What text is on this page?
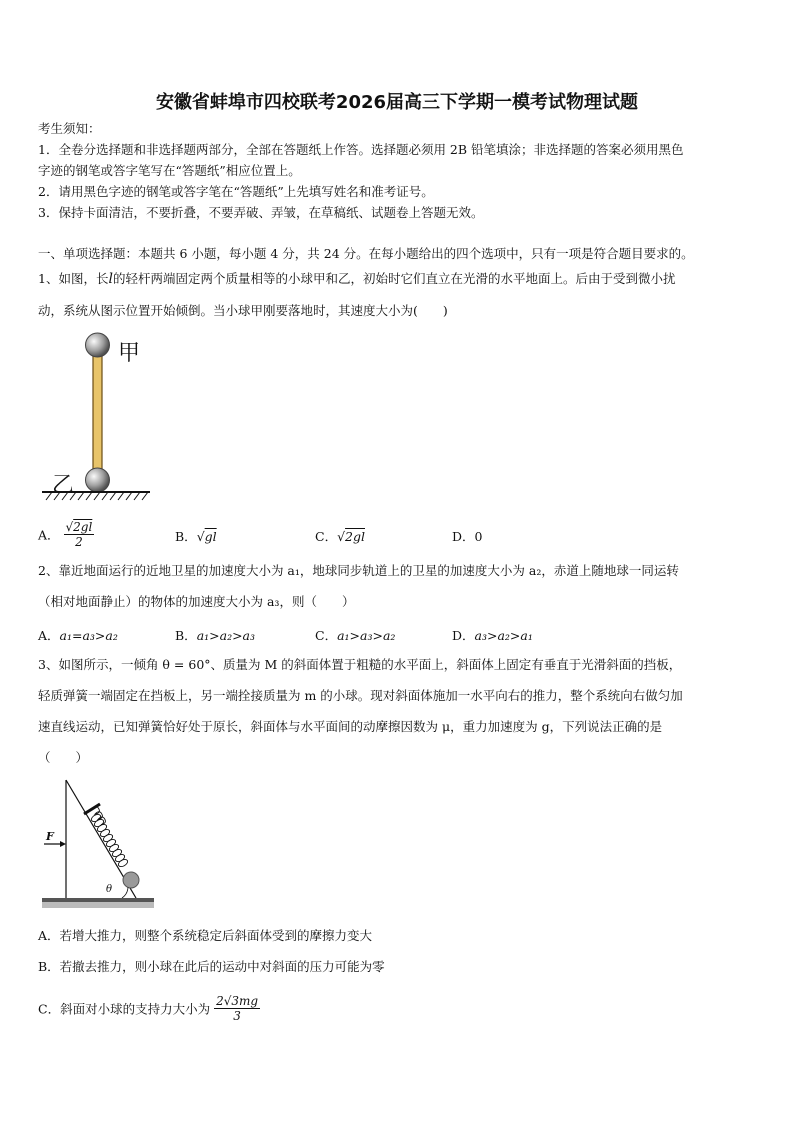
安徽省蚌埠市四校联考2026届高三下学期一模考试物理试题
考生须知：
1．全卷分选择题和非选择题两部分，全部在答题纸上作答。选择题必须用 2B 铅笔填涂；非选择题的答案必须用黑色
字迹的钢笔或答字笔写在“答题纸”相应位置上。
2．请用黑色字迹的钢笔或答字笔在“答题纸”上先填写姓名和准考证号。
3．保持卡面清洁，不要折叠，不要弄破、弄皱，在草稿纸、试题卷上答题无效。
一、单项选择题：本题共 6 小题，每小题 4 分，共 24 分。在每小题给出的四个选项中，只有一项是符合题目要求的。
1、如图，长l的轻杆两端固定两个质量相等的小球甲和乙，初始时它们直立在光滑的水平地面上。后由于受到微小扰
动，系统从图示位置开始倾倒。当小球甲刚要落地时，其速度大小为(　　)
甲
乙
A． $\frac{√2gl}{2}$	B．√gl	C．√2gl	D．0
2、靠近地面运行的近地卫星的加速度大小为 a₁，地球同步轨道上的卫星的加速度大小为 a₂，赤道上随地球一同运转
（相对地面静止）的物体的加速度大小为 a₃，则（　　）
A．a₁=a₃>a₂	B．a₁>a₂>a₃	C．a₁>a₃>a₂	D．a₃>a₂>a₁
3、如图所示，一倾角 θ = 60°、质量为 M 的斜面体置于粗糙的水平面上，斜面体上固定有垂直于光滑斜面的挡板，
轻质弹簧一端固定在挡板上，另一端拴接质量为 m 的小球。现对斜面体施加一水平向右的推力，整个系统向右做匀加
速直线运动，已知弹簧恰好处于原长，斜面体与水平面间的动摩擦因数为 μ，重力加速度为 g，下列说法正确的是
（　　）
F
θ
A．若增大推力，则整个系统稳定后斜面体受到的摩擦力变大
B．若撤去推力，则小球在此后的运动中对斜面的压力可能为零
C．斜面对小球的支持力大小为 $\frac{2√3mg}{3}$
